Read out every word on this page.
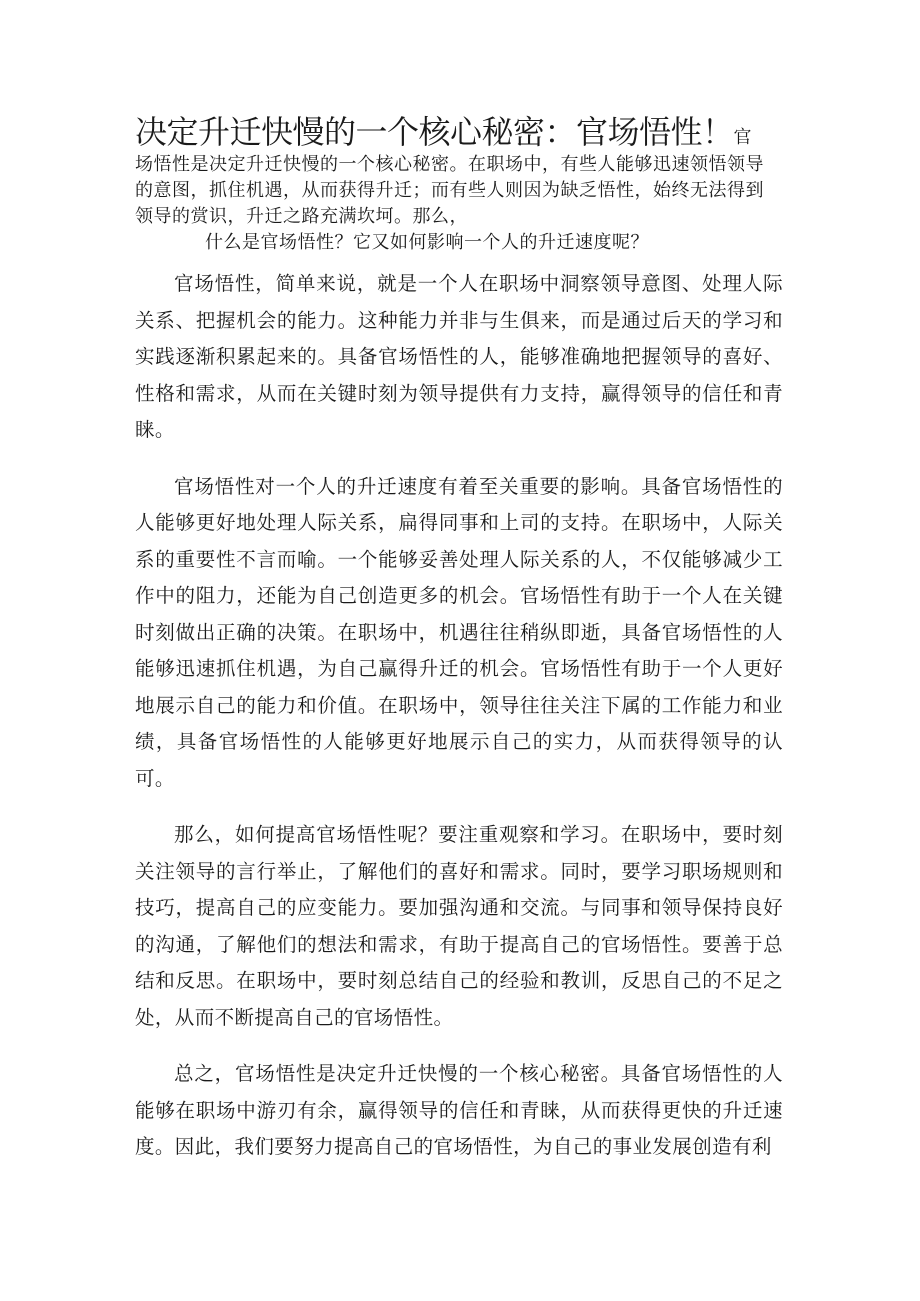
决定升迁快慢的一个核心秘密：官场悟性！官场悟性是决定升迁快慢的一个核心秘密。在职场中，有些人能够迅速领悟领导的意图，抓住机遇，从而获得升迁；而有些人则因为缺乏悟性，始终无法得到领导的赏识，升迁之路充满坎坷。那么，
什么是官场悟性？它又如何影响一个人的升迁速度呢？

官场悟性，简单来说，就是一个人在职场中洞察领导意图、处理人际关系、把握机会的能力。这种能力并非与生俱来，而是通过后天的学习和实践逐渐积累起来的。具备官场悟性的人，能够准确地把握领导的喜好、性格和需求，从而在关键时刻为领导提供有力支持，赢得领导的信任和青睐。

官场悟性对一个人的升迁速度有着至关重要的影响。具备官场悟性的人能够更好地处理人际关系，扁得同事和上司的支持。在职场中，人际关系的重要性不言而喻。一个能够妥善处理人际关系的人，不仅能够减少工作中的阻力，还能为自己创造更多的机会。官场悟性有助于一个人在关键时刻做出正确的决策。在职场中，机遇往往稍纵即逝，具备官场悟性的人能够迅速抓住机遇，为自己赢得升迁的机会。官场悟性有助于一个人更好地展示自己的能力和价值。在职场中，领导往往关注下属的工作能力和业绩，具备官场悟性的人能够更好地展示自己的实力，从而获得领导的认可。

那么，如何提高官场悟性呢？要注重观察和学习。在职场中，要时刻关注领导的言行举止，了解他们的喜好和需求。同时，要学习职场规则和技巧，提高自己的应变能力。要加强沟通和交流。与同事和领导保持良好的沟通，了解他们的想法和需求，有助于提高自己的官场悟性。要善于总结和反思。在职场中，要时刻总结自己的经验和教训，反思自己的不足之处，从而不断提高自己的官场悟性。

总之，官场悟性是决定升迁快慢的一个核心秘密。具备官场悟性的人能够在职场中游刃有余，赢得领导的信任和青睐，从而获得更快的升迁速度。因此，我们要努力提高自己的官场悟性，为自己的事业发展创造有利
